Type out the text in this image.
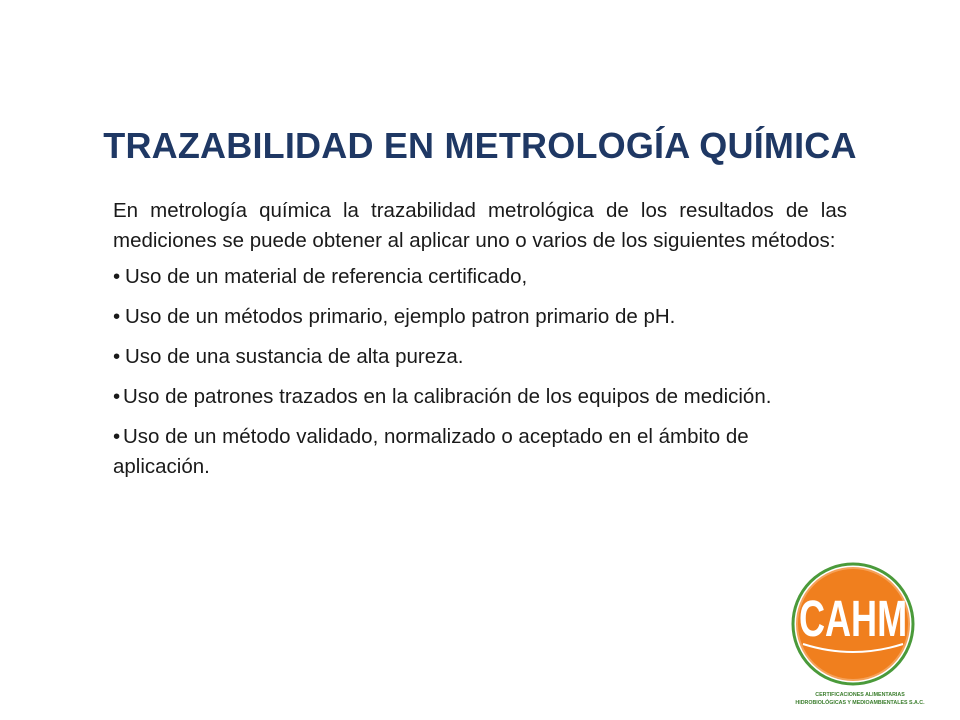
TRAZABILIDAD EN METROLOGÍA QUÍMICA

En metrología química la trazabilidad metrológica de los resultados de las mediciones se puede obtener al aplicar uno o varios de los siguientes métodos:

• Uso de un material de referencia certificado,
• Uso de un métodos primario, ejemplo patron primario de pH.
• Uso de una sustancia de alta pureza.
• Uso de patrones trazados en la calibración de los equipos de medición.
• Uso de un método validado, normalizado o aceptado en el ámbito de aplicación.
CAHM
CERTIFICACIONES ALIMENTARIAS
HIDROBIOLÓGICAS Y MEDIOAMBIENTALES S.A.C.
